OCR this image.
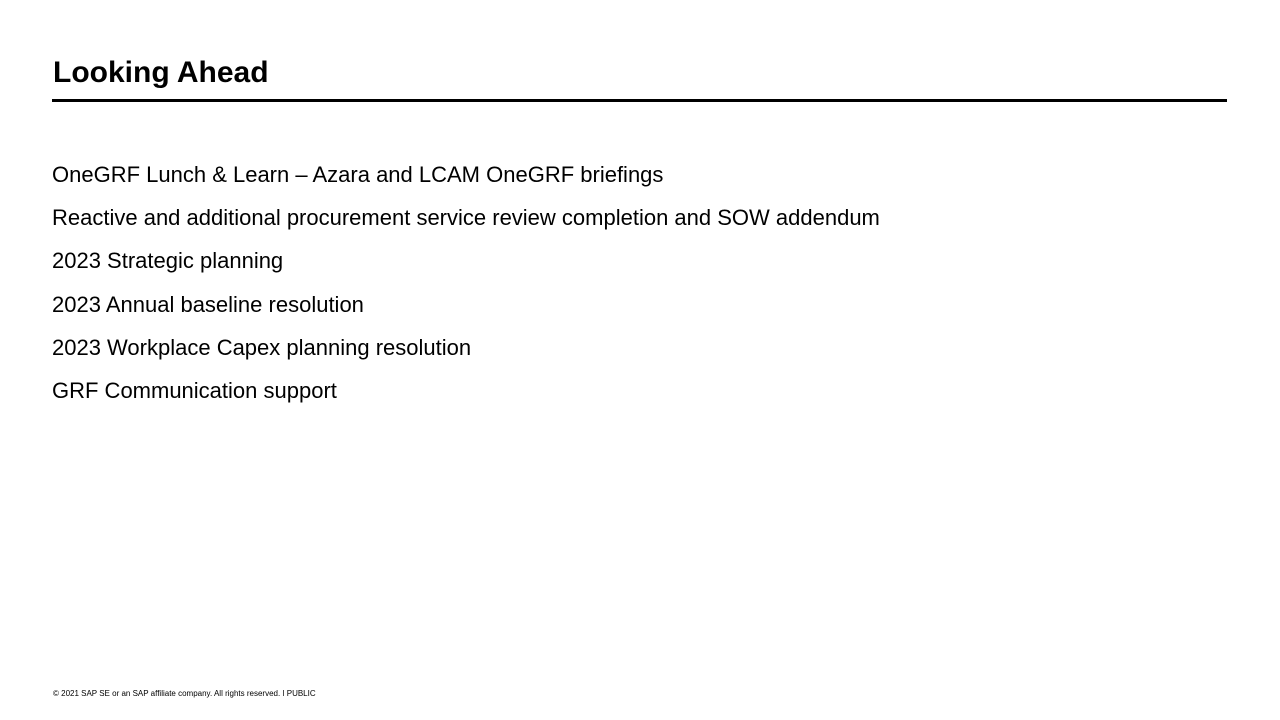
Looking Ahead
OneGRF Lunch & Learn – Azara and LCAM OneGRF briefings
Reactive and additional procurement service review completion and SOW addendum
2023 Strategic planning
2023 Annual baseline resolution
2023 Workplace Capex planning resolution
GRF Communication support
© 2021 SAP SE or an SAP affiliate company. All rights reserved. ǀ PUBLIC
